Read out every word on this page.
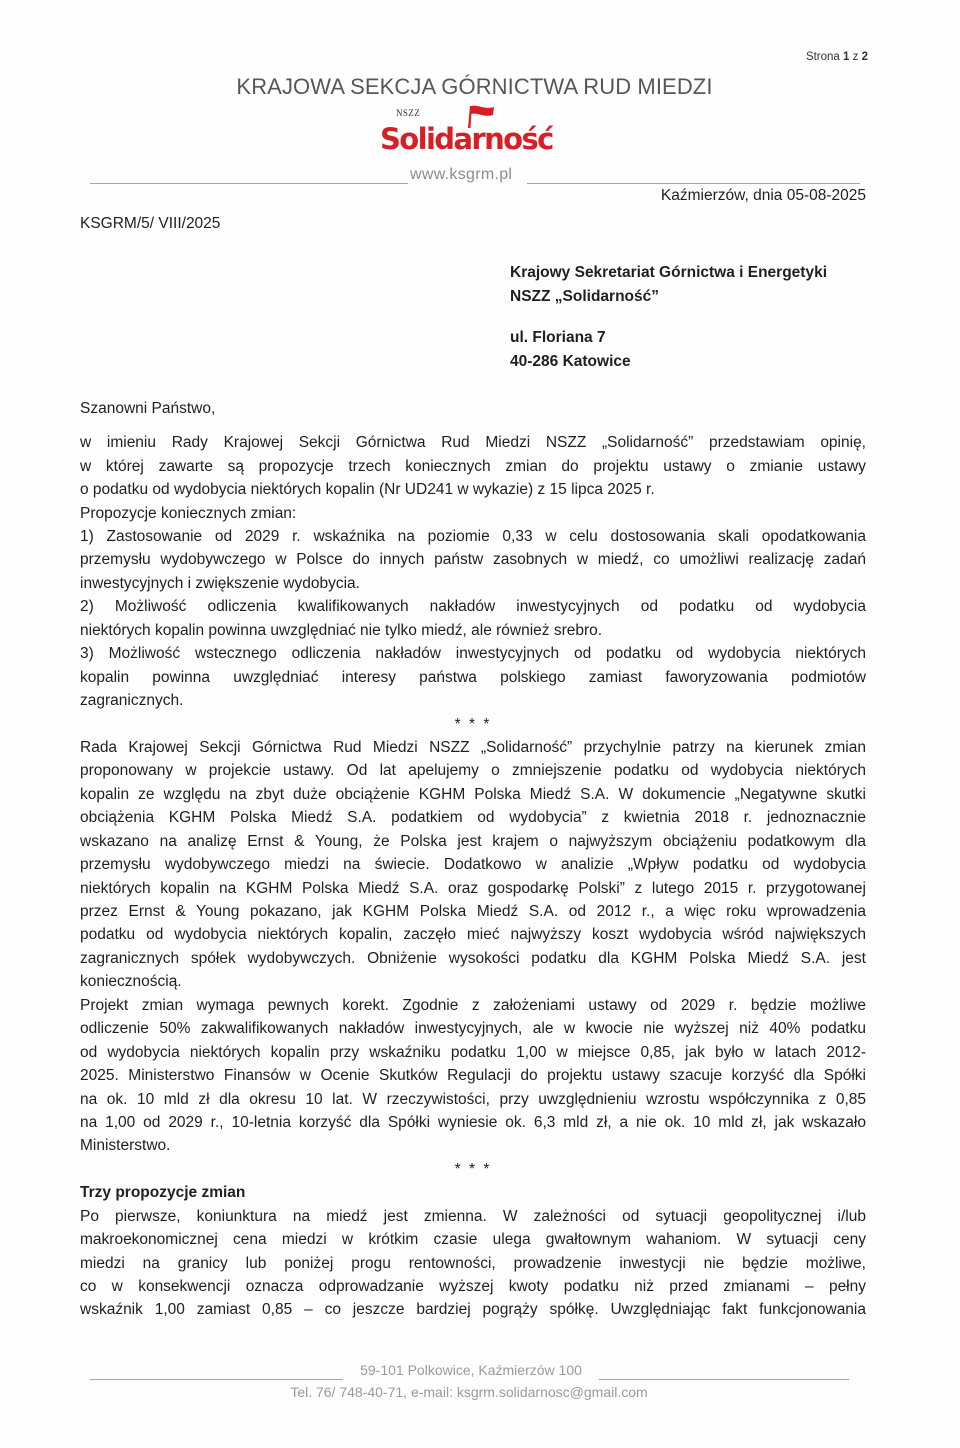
Strona 1 z 2
KRAJOWA SEKCJA GÓRNICTWA RUD MIEDZI
NSZZ
Solidarność
www.ksgrm.pl
Kaźmierzów, dnia 05-08-2025
KSGRM/5/ VIII/2025
Krajowy Sekretariat Górnictwa i Energetyki
NSZZ „Solidarność”
ul. Floriana 7
40-286 Katowice
Szanowni Państwo,
w imieniu Rady Krajowej Sekcji Górnictwa Rud Miedzi NSZZ „Solidarność” przedstawiam opinię,
w której zawarte są propozycje trzech koniecznych zmian do projektu ustawy o zmianie ustawy
o podatku od wydobycia niektórych kopalin (Nr UD241 w wykazie) z 15 lipca 2025 r.
Propozycje koniecznych zmian:
1) Zastosowanie od 2029 r. wskaźnika na poziomie 0,33 w celu dostosowania skali opodatkowania
przemysłu wydobywczego w Polsce do innych państw zasobnych w miedź, co umożliwi realizację zadań
inwestycyjnych i zwiększenie wydobycia.
2) Możliwość odliczenia kwalifikowanych nakładów inwestycyjnych od podatku od wydobycia
niektórych kopalin powinna uwzględniać nie tylko miedź, ale również srebro.
3) Możliwość wstecznego odliczenia nakładów inwestycyjnych od podatku od wydobycia niektórych
kopalin powinna uwzględniać interesy państwa polskiego zamiast faworyzowania podmiotów
zagranicznych.
* * *
Rada Krajowej Sekcji Górnictwa Rud Miedzi NSZZ „Solidarność” przychylnie patrzy na kierunek zmian
proponowany w projekcie ustawy. Od lat apelujemy o zmniejszenie podatku od wydobycia niektórych
kopalin ze względu na zbyt duże obciążenie KGHM Polska Miedź S.A. W dokumencie „Negatywne skutki
obciążenia KGHM Polska Miedź S.A. podatkiem od wydobycia” z kwietnia 2018 r. jednoznacznie
wskazano na analizę Ernst & Young, że Polska jest krajem o najwyższym obciążeniu podatkowym dla
przemysłu wydobywczego miedzi na świecie. Dodatkowo w analizie „Wpływ podatku od wydobycia
niektórych kopalin na KGHM Polska Miedź S.A. oraz gospodarkę Polski” z lutego 2015 r. przygotowanej
przez Ernst & Young pokazano, jak KGHM Polska Miedź S.A. od 2012 r., a więc roku wprowadzenia
podatku od wydobycia niektórych kopalin, zaczęło mieć najwyższy koszt wydobycia wśród największych
zagranicznych spółek wydobywczych. Obniżenie wysokości podatku dla KGHM Polska Miedź S.A. jest
koniecznością.
Projekt zmian wymaga pewnych korekt. Zgodnie z założeniami ustawy od 2029 r. będzie możliwe
odliczenie 50% zakwalifikowanych nakładów inwestycyjnych, ale w kwocie nie wyższej niż 40% podatku
od wydobycia niektórych kopalin przy wskaźniku podatku 1,00 w miejsce 0,85, jak było w latach 2012-
2025. Ministerstwo Finansów w Ocenie Skutków Regulacji do projektu ustawy szacuje korzyść dla Spółki
na ok. 10 mld zł dla okresu 10 lat. W rzeczywistości, przy uwzględnieniu wzrostu współczynnika z 0,85
na 1,00 od 2029 r., 10-letnia korzyść dla Spółki wyniesie ok. 6,3 mld zł, a nie ok. 10 mld zł, jak wskazało
Ministerstwo.
* * *
Trzy propozycje zmian
Po pierwsze, koniunktura na miedź jest zmienna. W zależności od sytuacji geopolitycznej i/lub
makroekonomicznej cena miedzi w krótkim czasie ulega gwałtownym wahaniom. W sytuacji ceny
miedzi na granicy lub poniżej progu rentowności, prowadzenie inwestycji nie będzie możliwe,
co w konsekwencji oznacza odprowadzanie wyższej kwoty podatku niż przed zmianami – pełny
wskaźnik 1,00 zamiast 0,85 – co jeszcze bardziej pogrąży spółkę. Uwzględniając fakt funkcjonowania
59-101 Polkowice, Kaźmierzów 100
Tel. 76/ 748-40-71, e-mail: ksgrm.solidarnosc@gmail.com
